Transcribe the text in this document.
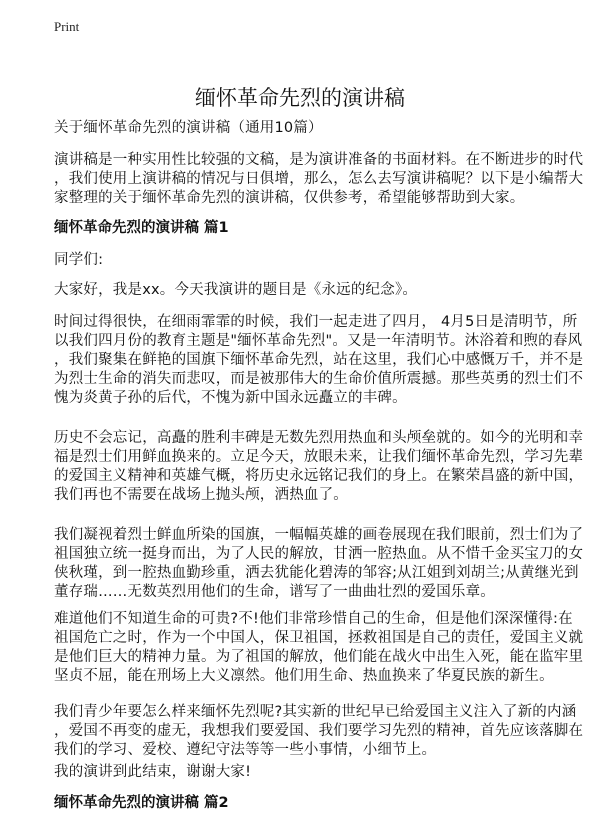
Print
缅怀革命先烈的演讲稿
关于缅怀革命先烈的演讲稿（通用10篇）
演讲稿是一种实用性比较强的文稿，是为演讲准备的书面材料。在不断进步的时代
，我们使用上演讲稿的情况与日俱增，那么，怎么去写演讲稿呢？以下是小编帮大
家整理的关于缅怀革命先烈的演讲稿，仅供参考，希望能够帮助到大家。
缅怀革命先烈的演讲稿 篇1
同学们:
大家好，我是xx。今天我演讲的题目是《永远的纪念》。
时间过得很快，在细雨霏霏的时候，我们一起走进了四月， 4月5日是清明节，所
以我们四月份的教育主题是"缅怀革命先烈"。又是一年清明节。沐浴着和煦的春风
，我们聚集在鲜艳的国旗下缅怀革命先烈，站在这里，我们心中感慨万千，并不是
为烈士生命的消失而悲叹，而是被那伟大的生命价值所震撼。那些英勇的烈士们不
愧为炎黄子孙的后代，不愧为新中国永远矗立的丰碑。
历史不会忘记，高矗的胜利丰碑是无数先烈用热血和头颅垒就的。如今的光明和幸
福是烈士们用鲜血换来的。立足今天，放眼未来，让我们缅怀革命先烈，学习先辈
的爱国主义精神和英雄气概，将历史永远铭记我们的身上。在繁荣昌盛的新中国，
我们再也不需要在战场上抛头颅，洒热血了。
我们凝视着烈士鲜血所染的国旗，一幅幅英雄的画卷展现在我们眼前，烈士们为了
祖国独立统一挺身而出，为了人民的解放，甘洒一腔热血。从不惜千金买宝刀的女
侠秋瑾，到一腔热血勤珍重，洒去犹能化碧涛的邹容;从江姐到刘胡兰;从黄继光到
董存瑞……无数英烈用他们的生命，谱写了一曲曲壮烈的爱国乐章。
难道他们不知道生命的可贵?不!他们非常珍惜自己的生命，但是他们深深懂得:在
祖国危亡之时，作为一个中国人，保卫祖国，拯救祖国是自己的责任，爱国主义就
是他们巨大的精神力量。为了祖国的解放，他们能在战火中出生入死，能在监牢里
坚贞不屈，能在刑场上大义凛然。他们用生命、热血换来了华夏民族的新生。
我们青少年要怎么样来缅怀先烈呢?其实新的世纪早已给爱国主义注入了新的内涵
，爱国不再变的虚无，我想我们要爱国、我们要学习先烈的精神，首先应该落脚在
我们的学习、爱校、遵纪守法等等一些小事情，小细节上。
我的演讲到此结束，谢谢大家!
缅怀革命先烈的演讲稿 篇2
